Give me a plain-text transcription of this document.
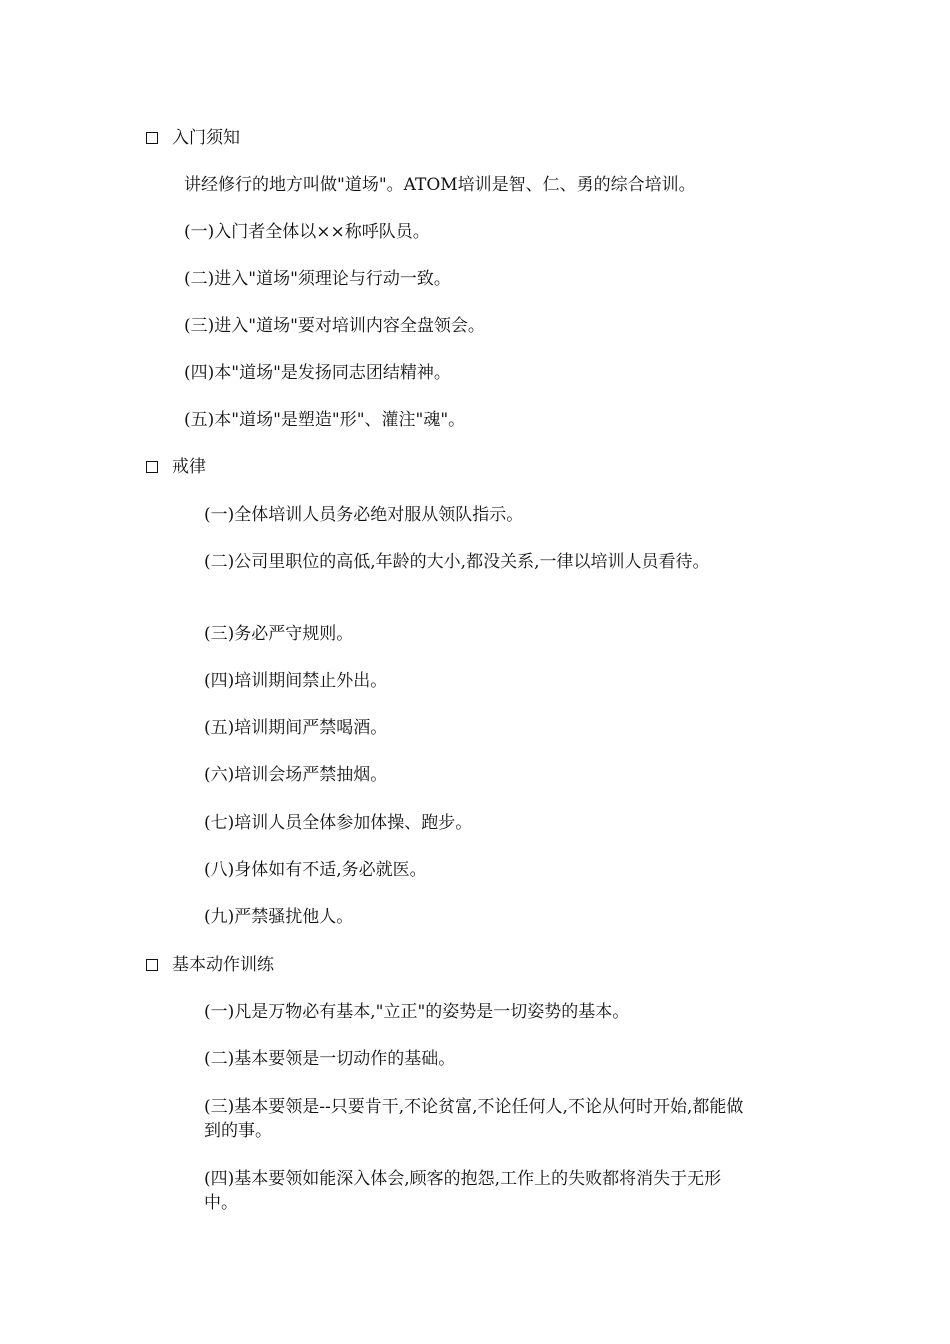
入门须知
讲经修行的地方叫做"道场"。ATOM培训是智、仁、勇的综合培训。
(一)入门者全体以××称呼队员。
(二)进入"道场"须理论与行动一致。
(三)进入"道场"要对培训内容全盘领会。
(四)本"道场"是发扬同志团结精神。
(五)本"道场"是塑造"形"、灌注"魂"。
戒律
(一)全体培训人员务必绝对服从领队指示。
(二)公司里职位的高低,年龄的大小,都没关系,一律以培训人员看待。
(三)务必严守规则。
(四)培训期间禁止外出。
(五)培训期间严禁喝酒。
(六)培训会场严禁抽烟。
(七)培训人员全体参加体操、跑步。
(八)身体如有不适,务必就医。
(九)严禁骚扰他人。
基本动作训练
(一)凡是万物必有基本,"立正"的姿势是一切姿势的基本。
(二)基本要领是一切动作的基础。
(三)基本要领是--只要肯干,不论贫富,不论任何人,不论从何时开始,都能做到的事。
(四)基本要领如能深入体会,顾客的抱怨,工作上的失败都将消失于无形中。
